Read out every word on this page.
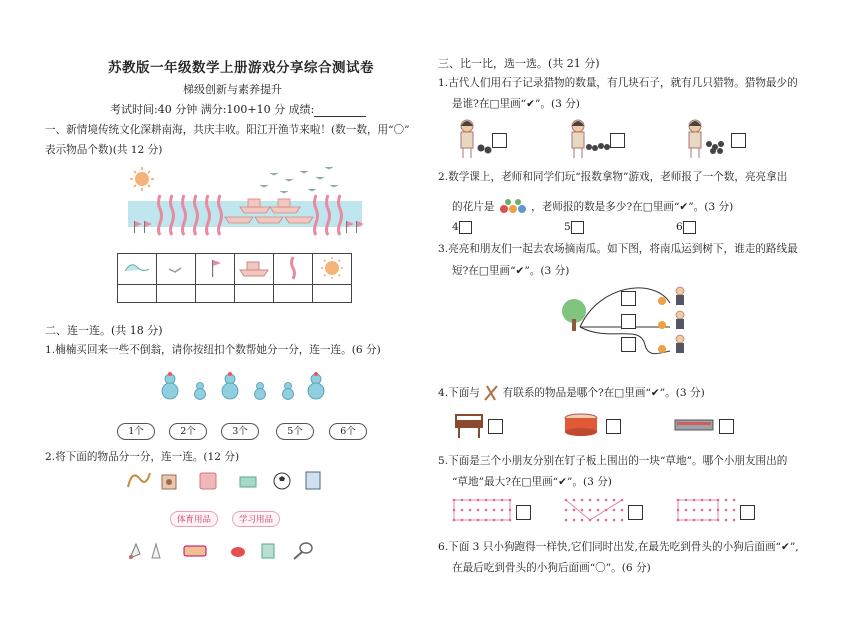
苏教版一年级数学上册游戏分享综合测试卷
梯级创新与素养提升
考试时间:40 分钟 满分:100+10 分 成绩:
一、新情境传统文化深耕南海，共庆丰收。阳江开渔节来啦！(数一数，用“〇”
表示物品个数)(共 12 分)

二、连一连。(共 18 分)
1.楠楠买回来一些不倒翁，请你按纽扣个数帮她分一分，连一连。(6 分)
1个	2个	3个	5个	6个
2.将下面的物品分一分，连一连。(12 分)
体育用品	学习用品
三、比一比，选一选。(共 21 分)
1.古代人们用石子记录猎物的数量，有几块石子，就有几只猎物。猎物最少的
是谁?在□里画“✔”。(3 分)
2.数学课上，老师和同学们玩“报数拿物”游戏，老师报了一个数，亮亮拿出
的花片是	，老师报的数是多少?在□里画“✔”。(3 分)
4	5	6
3.亮亮和朋友们一起去农场摘南瓜。如下图，将南瓜运到树下，谁走的路线最
短?在□里画“✔”。(3 分)
4.下面与 有联系的物品是哪个?在□里画“✔”。(3 分)
5.下面是三个小朋友分别在钉子板上围出的一块“草地”。哪个小朋友围出的
“草地”最大?在□里画“✔”。(3 分)
6.下面 3 只小狗跑得一样快,它们同时出发,在最先吃到骨头的小狗后面画“✔”,
在最后吃到骨头的小狗后面画“〇”。(6 分)
